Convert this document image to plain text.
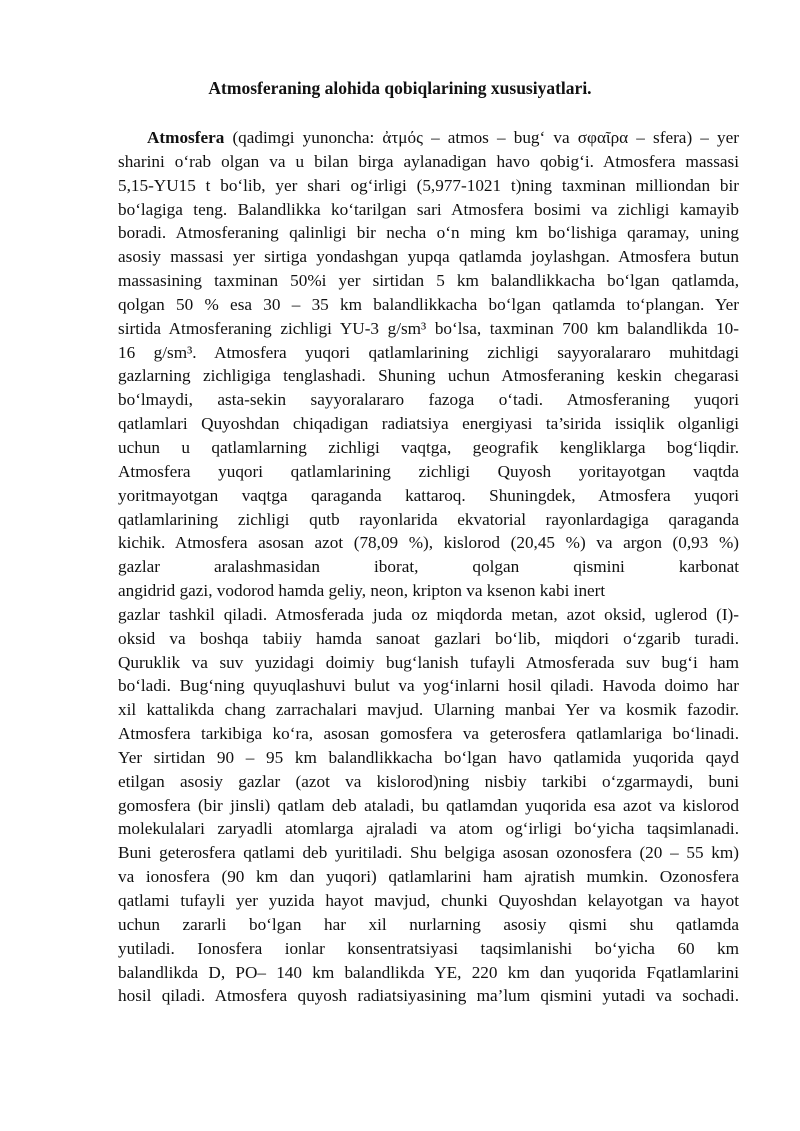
Atmosferaning alohida qobiqlarining xususiyatlari.
Atmosfera (qadimgi yunoncha: ἀτμός – atmos – bug‘ va σφαῖρα – sfera) – yer
sharini o‘rab olgan va u bilan birga aylanadigan havo qobig‘i. Atmosfera massasi
5,15-YU15 t bo‘lib, yer shari og‘irligi (5,977-1021 t)ning taxminan milliondan bir
bo‘lagiga teng. Balandlikka ko‘tarilgan sari Atmosfera bosimi va zichligi kamayib
boradi. Atmosferaning qalinligi bir necha o‘n ming km bo‘lishiga qaramay, uning
asosiy massasi yer sirtiga yondashgan yupqa qatlamda joylashgan. Atmosfera butun
massasining taxminan 50%i yer sirtidan 5 km balandlikkacha bo‘lgan qatlamda,
qolgan 50 % esa 30 – 35 km balandlikkacha bo‘lgan qatlamda to‘plangan. Yer
sirtida Atmosferaning zichligi YU-3 g/sm³ bo‘lsa, taxminan 700 km balandlikda 10-
16 g/sm³. Atmosfera yuqori qatlamlarining zichligi sayyoralararo muhitdagi
gazlarning zichligiga tenglashadi. Shuning uchun Atmosferaning keskin chegarasi
bo‘lmaydi, asta-sekin sayyoralararo fazoga o‘tadi. Atmosferaning yuqori
qatlamlari Quyoshdan chiqadigan radiatsiya energiyasi ta’sirida issiqlik olganligi
uchun u qatlamlarning zichligi vaqtga, geografik kengliklarga bog‘liqdir.
Atmosfera yuqori qatlamlarining zichligi Quyosh yoritayotgan vaqtda
yoritmayotgan vaqtga qaraganda kattaroq. Shuningdek, Atmosfera yuqori
qatlamlarining zichligi qutb rayonlarida ekvatorial rayonlardagiga qaraganda
kichik. Atmosfera asosan azot (78,09 %), kislorod (20,45 %) va argon (0,93 %)
gazlar aralashmasidan iborat, qolgan qismini karbonat
angidrid gazi, vodorod hamda geliy, neon, kripton va ksenon kabi inert
gazlar tashkil qiladi. Atmosferada juda oz miqdorda metan, azot oksid, uglerod (I)-
oksid va boshqa tabiiy hamda sanoat gazlari bo‘lib, miqdori o‘zgarib turadi.
Quruklik va suv yuzidagi doimiy bug‘lanish tufayli Atmosferada suv bug‘i ham
bo‘ladi. Bug‘ning quyuqlashuvi bulut va yog‘inlarni hosil qiladi. Havoda doimo har
xil kattalikda chang zarrachalari mavjud. Ularning manbai Yer va kosmik fazodir.
Atmosfera tarkibiga ko‘ra, asosan gomosfera va geterosfera qatlamlariga bo‘linadi.
Yer sirtidan 90 – 95 km balandlikkacha bo‘lgan havo qatlamida yuqorida qayd
etilgan asosiy gazlar (azot va kislorod)ning nisbiy tarkibi o‘zgarmaydi, buni
gomosfera (bir jinsli) qatlam deb ataladi, bu qatlamdan yuqorida esa azot va kislorod
molekulalari zaryadli atomlarga ajraladi va atom og‘irligi bo‘yicha taqsimlanadi.
Buni geterosfera qatlami deb yuritiladi. Shu belgiga asosan ozonosfera (20 – 55 km)
va ionosfera (90 km dan yuqori) qatlamlarini ham ajratish mumkin. Ozonosfera
qatlami tufayli yer yuzida hayot mavjud, chunki Quyoshdan kelayotgan va hayot
uchun zararli bo‘lgan har xil nurlarning asosiy qismi shu qatlamda
yutiladi. Ionosfera ionlar konsentratsiyasi taqsimlanishi bo‘yicha 60 km
balandlikda D, PO– 140 km balandlikda YE, 220 km dan yuqorida Fqatlamlarini
hosil qiladi. Atmosfera quyosh radiatsiyasining ma’lum qismini yutadi va sochadi.
